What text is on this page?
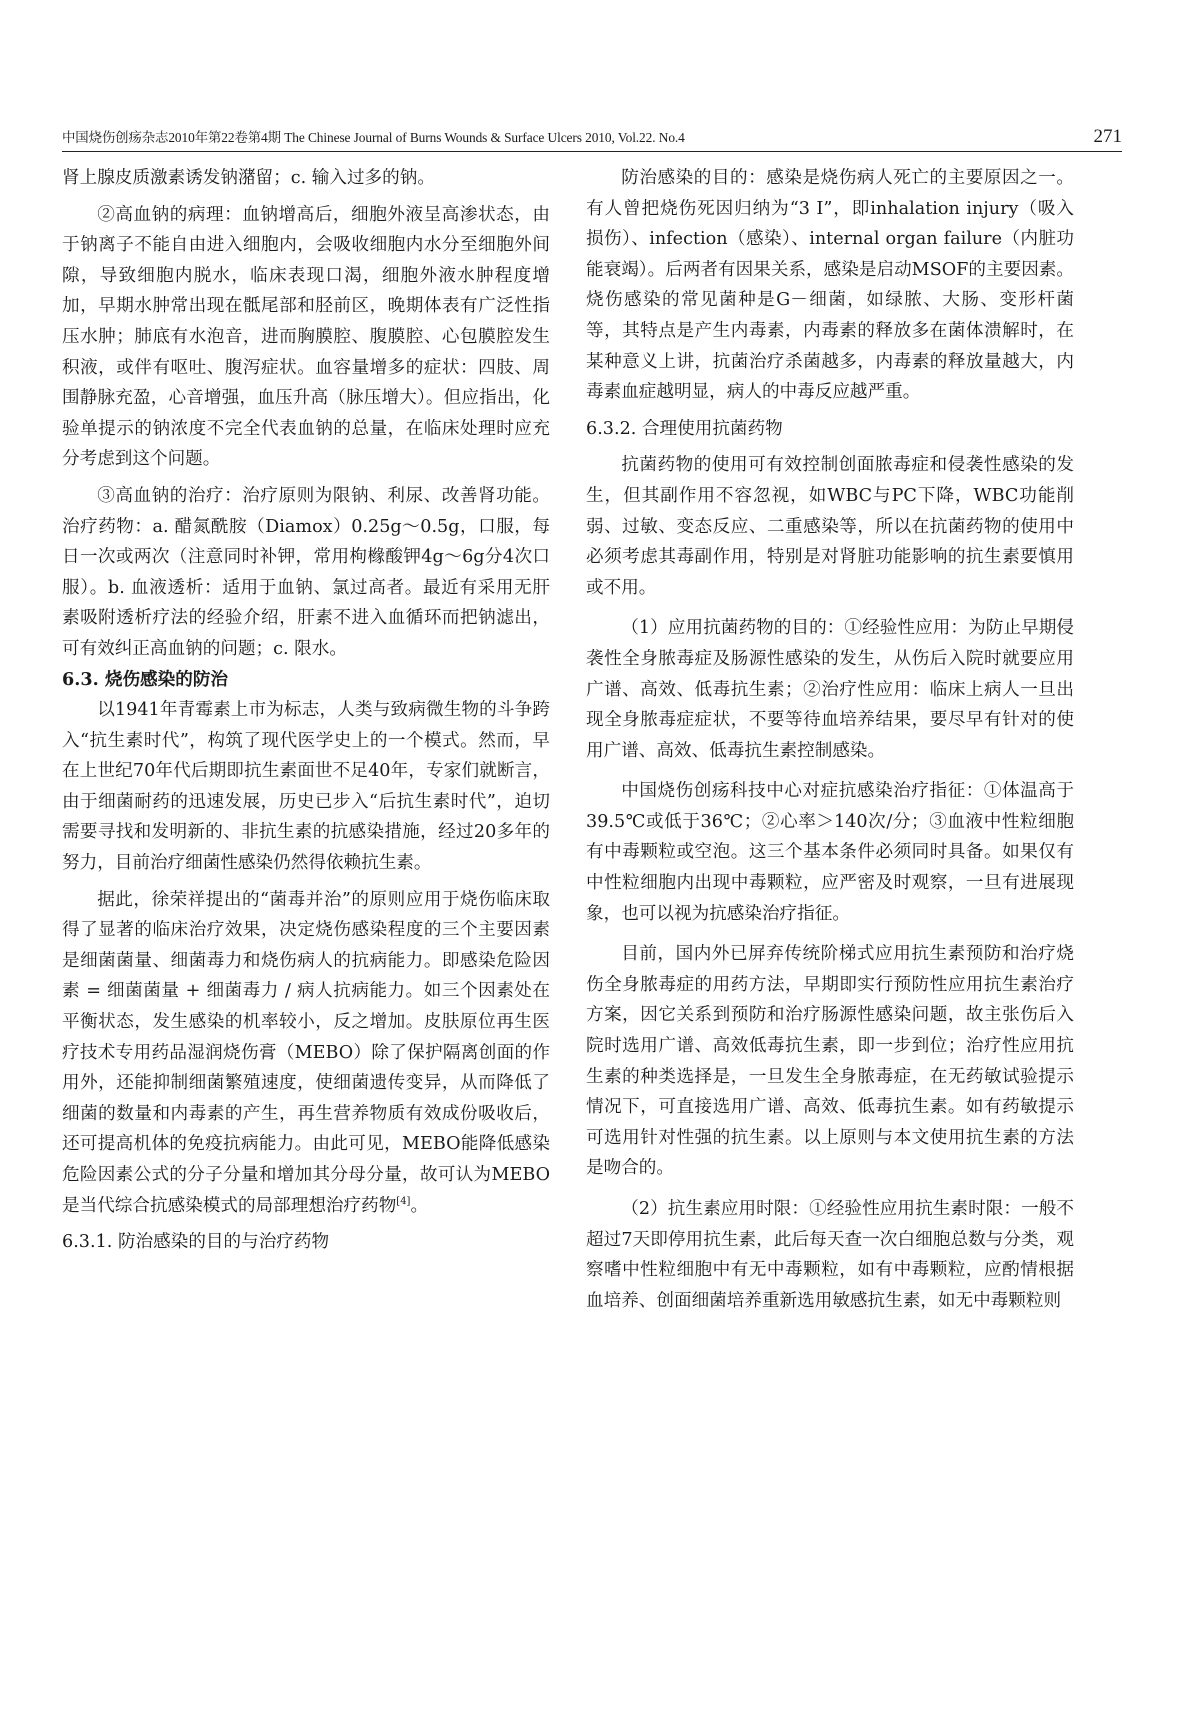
中国烧伤创疡杂志2010年第22卷第4期 The Chinese Journal of Burns Wounds & Surface Ulcers 2010, Vol.22. No.4	271

肾上腺皮质激素诱发钠潴留；c. 输入过多的钠。

②高血钠的病理：血钠增高后，细胞外液呈高渗状态，由于钠离子不能自由进入细胞内，会吸收细胞内水分至细胞外间隙，导致细胞内脱水，临床表现口渴，细胞外液水肿程度增加，早期水肿常出现在骶尾部和胫前区，晚期体表有广泛性指压水肿；肺底有水泡音，进而胸膜腔、腹膜腔、心包膜腔发生积液，或伴有呕吐、腹泻症状。血容量增多的症状：四肢、周围静脉充盈，心音增强，血压升高（脉压增大）。但应指出，化验单提示的钠浓度不完全代表血钠的总量，在临床处理时应充分考虑到这个问题。

③高血钠的治疗：治疗原则为限钠、利尿、改善肾功能。治疗药物：a. 醋氮酰胺（Diamox）0.25g～0.5g，口服，每日一次或两次（注意同时补钾，常用枸橼酸钾4g～6g分4次口服）。b. 血液透析：适用于血钠、氯过高者。最近有采用无肝素吸附透析疗法的经验介绍，肝素不进入血循环而把钠滤出，可有效纠正高血钠的问题；c. 限水。

6.3. 烧伤感染的防治

以1941年青霉素上市为标志，人类与致病微生物的斗争跨入“抗生素时代”，构筑了现代医学史上的一个模式。然而，早在上世纪70年代后期即抗生素面世不足40年，专家们就断言，由于细菌耐药的迅速发展，历史已步入“后抗生素时代”，迫切需要寻找和发明新的、非抗生素的抗感染措施，经过20多年的努力，目前治疗细菌性感染仍然得依赖抗生素。

据此，徐荣祥提出的“菌毒并治”的原则应用于烧伤临床取得了显著的临床治疗效果，决定烧伤感染程度的三个主要因素是细菌菌量、细菌毒力和烧伤病人的抗病能力。即感染危险因素 = 细菌菌量 + 细菌毒力 / 病人抗病能力。如三个因素处在平衡状态，发生感染的机率较小，反之增加。皮肤原位再生医疗技术专用药品湿润烧伤膏（MEBO）除了保护隔离创面的作用外，还能抑制细菌繁殖速度，使细菌遗传变异，从而降低了细菌的数量和内毒素的产生，再生营养物质有效成份吸收后，还可提高机体的免疫抗病能力。由此可见，MEBO能降低感染危险因素公式的分子分量和增加其分母分量，故可认为MEBO是当代综合抗感染模式的局部理想治疗药物[4]。

6.3.1. 防治感染的目的与治疗药物

防治感染的目的：感染是烧伤病人死亡的主要原因之一。有人曾把烧伤死因归纳为“3 I”，即inhalation injury（吸入损伤）、infection（感染）、internal organ failure（内脏功能衰竭）。后两者有因果关系，感染是启动MSOF的主要因素。烧伤感染的常见菌种是G－细菌，如绿脓、大肠、变形杆菌等，其特点是产生内毒素，内毒素的释放多在菌体溃解时，在某种意义上讲，抗菌治疗杀菌越多，内毒素的释放量越大，内毒素血症越明显，病人的中毒反应越严重。

6.3.2. 合理使用抗菌药物

抗菌药物的使用可有效控制创面脓毒症和侵袭性感染的发生，但其副作用不容忽视，如WBC与PC下降，WBC功能削弱、过敏、变态反应、二重感染等，所以在抗菌药物的使用中必须考虑其毒副作用，特别是对肾脏功能影响的抗生素要慎用或不用。

（1）应用抗菌药物的目的：①经验性应用：为防止早期侵袭性全身脓毒症及肠源性感染的发生，从伤后入院时就要应用广谱、高效、低毒抗生素；②治疗性应用：临床上病人一旦出现全身脓毒症症状，不要等待血培养结果，要尽早有针对的使用广谱、高效、低毒抗生素控制感染。

中国烧伤创疡科技中心对症抗感染治疗指征：①体温高于39.5℃或低于36℃；②心率＞140次/分；③血液中性粒细胞有中毒颗粒或空泡。这三个基本条件必须同时具备。如果仅有中性粒细胞内出现中毒颗粒，应严密及时观察，一旦有进展现象，也可以视为抗感染治疗指征。

目前，国内外已屏弃传统阶梯式应用抗生素预防和治疗烧伤全身脓毒症的用药方法，早期即实行预防性应用抗生素治疗方案，因它关系到预防和治疗肠源性感染问题，故主张伤后入院时选用广谱、高效低毒抗生素，即一步到位；治疗性应用抗生素的种类选择是，一旦发生全身脓毒症，在无药敏试验提示情况下，可直接选用广谱、高效、低毒抗生素。如有药敏提示可选用针对性强的抗生素。以上原则与本文使用抗生素的方法是吻合的。

（2）抗生素应用时限：①经验性应用抗生素时限：一般不超过7天即停用抗生素，此后每天查一次白细胞总数与分类，观察嗜中性粒细胞中有无中毒颗粒，如有中毒颗粒，应酌情根据血培养、创面细菌培养重新选用敏感抗生素，如无中毒颗粒则
